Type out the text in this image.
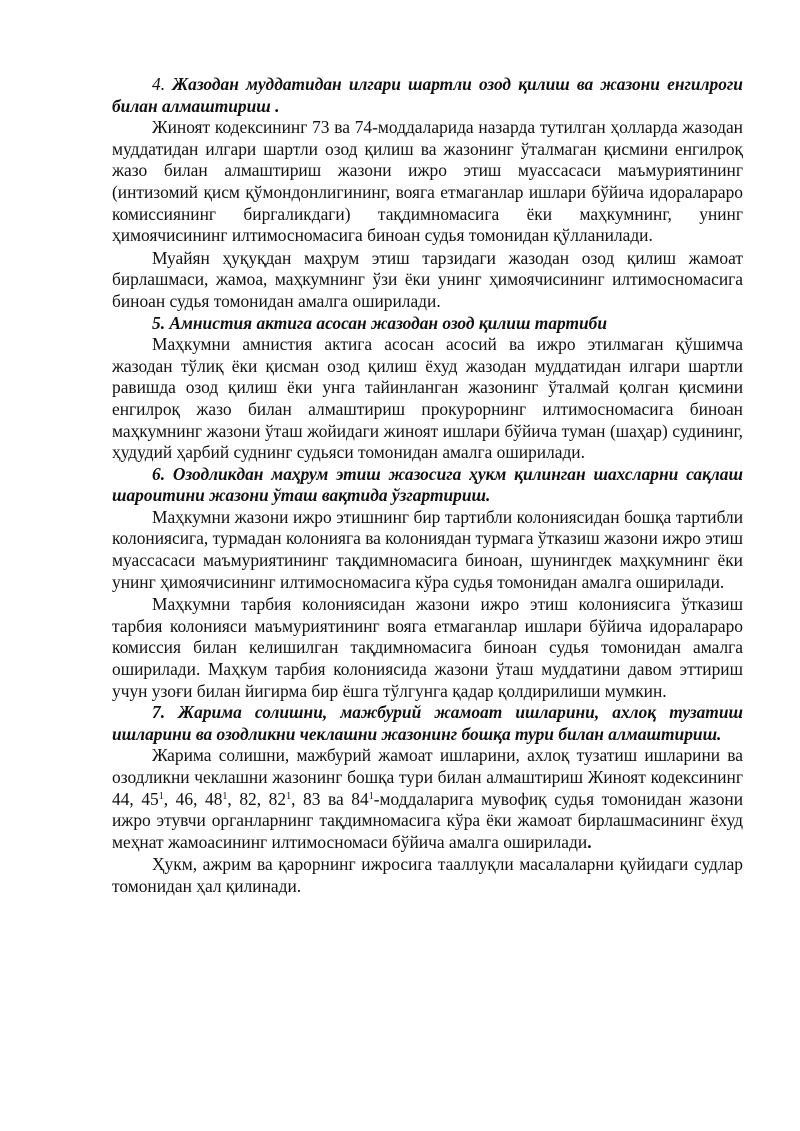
4. Жазодан муддатидан илгари шартли озод қилиш ва жазони енгилроги билан алмаштириш .

Жиноят кодексининг 73 ва 74-моддаларида назарда тутилган ҳолларда жазодан муддатидан илгари шартли озод қилиш ва жазонинг ўталмаган қисмини енгилроқ жазо билан алмаштириш жазони ижро этиш муассасаси маъмуриятининг (интизомий қисм қўмондонлигининг, вояга етмаганлар ишлари бўйича идоралараро комиссиянинг биргаликдаги) тақдимномасига ёки маҳкумнинг, унинг ҳимоячисининг илтимосномасига биноан судья томонидан қўлланилади.

Муайян ҳуқуқдан маҳрум этиш тарзидаги жазодан озод қилиш жамоат бирлашмаси, жамоа, маҳкумнинг ўзи ёки унинг ҳимоячисининг илтимосномасига биноан судья томонидан амалга оширилади.

5. Амнистия актига асосан жазодан озод қилиш тартиби

Маҳкумни амнистия актига асосан асосий ва ижро этилмаган қўшимча жазодан тўлиқ ёки қисман озод қилиш ёхуд жазодан муддатидан илгари шартли равишда озод қилиш ёки унга тайинланган жазонинг ўталмай қолган қисмини енгилроқ жазо билан алмаштириш прокурорнинг илтимосномасига биноан маҳкумнинг жазони ўташ жойидаги жиноят ишлари бўйича туман (шаҳар) судининг, ҳудудий ҳарбий суднинг судьяси томонидан амалга оширилади.

6. Озодликдан маҳрум этиш жазосига ҳукм қилинган шахсларни сақлаш шароитини жазони ўташ вақтида ўзгартириш.

Маҳкумни жазони ижро этишнинг бир тартибли колониясидан бошқа тартибли колониясига, турмадан колонияга ва колониядан турмага ўтказиш жазони ижро этиш муассасаси маъмуриятининг тақдимномасига биноан, шунингдек маҳкумнинг ёки унинг ҳимоячисининг илтимосномасига кўра судья томонидан амалга оширилади.

Маҳкумни тарбия колониясидан жазони ижро этиш колониясига ўтказиш тарбия колонияси маъмуриятининг вояга етмаганлар ишлари бўйича идоралараро комиссия билан келишилган тақдимномасига биноан судья томонидан амалга оширилади. Маҳкум тарбия колониясида жазони ўташ муддатини давом эттириш учун узоғи билан йигирма бир ёшга тўлгунга қадар қолдирилиши мумкин.

7. Жарима солишни, мажбурий жамоат ишларини, ахлоқ тузатиш ишларини ва озодликни чеклашни жазонинг бошқа тури билан алмаштириш.

Жарима солишни, мажбурий жамоат ишларини, ахлоқ тузатиш ишларини ва озодликни чеклашни жазонинг бошқа тури билан алмаштириш Жиноят кодексининг 44, $45^1$, 46, $48^1$, 82, $82^1$, 83 ва $84^1$-моддаларига мувофиқ судья томонидан жазони ижро этувчи органларнинг тақдимномасига кўра ёки жамоат бирлашмасининг ёхуд меҳнат жамоасининг илтимосномаси бўйича амалга оширилади.

Ҳукм, ажрим ва қарорнинг ижросига тааллуқли масалаларни қуйидаги судлар томонидан ҳал қилинади.
